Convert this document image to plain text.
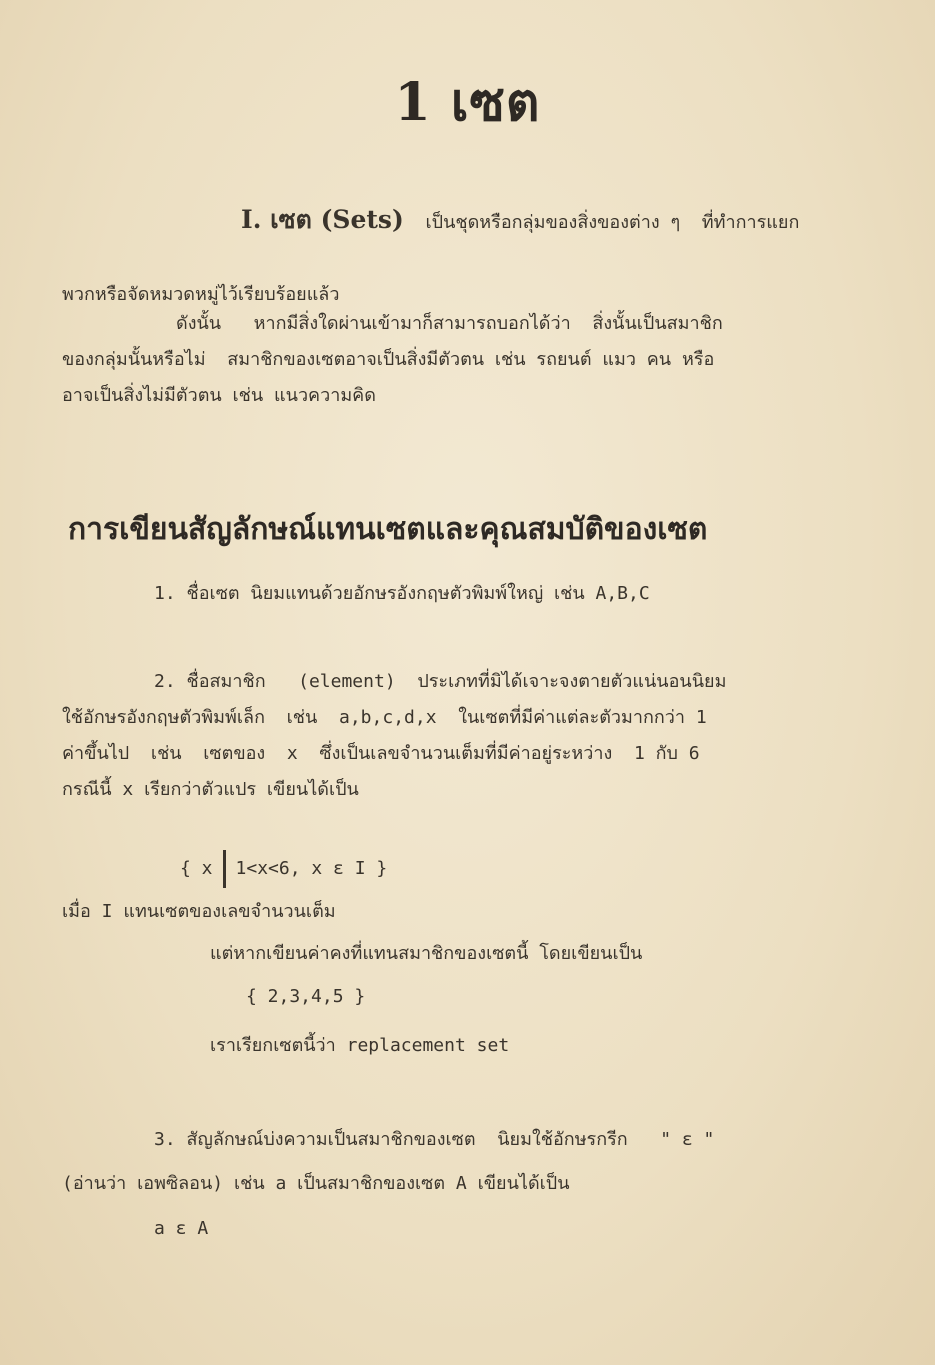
1 เซต

I. เซต (Sets) เป็นชุดหรือกลุ่มของสิ่งของต่าง ๆ  ที่ทำการแยก

พวกหรือจัดหมวดหมู่ไว้เรียบร้อยแล้ว
ดังนั้น   หากมีสิ่งใดผ่านเข้ามาก็สามารถบอกได้ว่า  สิ่งนั้นเป็นสมาชิก
ของกลุ่มนั้นหรือไม่  สมาชิกของเซตอาจเป็นสิ่งมีตัวตน เช่น รถยนต์ แมว คน หรือ
อาจเป็นสิ่งไม่มีตัวตน เช่น แนวความคิด
การเขียนสัญลักษณ์แทนเซตและคุณสมบัติของเซต
1. ชื่อเซต นิยมแทนด้วยอักษรอังกฤษตัวพิมพ์ใหญ่ เช่น A,B,C
2. ชื่อสมาชิก   (element)  ประเภทที่มิได้เจาะจงตายตัวแน่นอนนิยม
ใช้อักษรอังกฤษตัวพิมพ์เล็ก  เช่น  a,b,c,d,x  ในเซตที่มีค่าแต่ละตัวมากกว่า 1
ค่าขึ้นไป  เช่น  เซตของ  x  ซึ่งเป็นเลขจำนวนเต็มที่มีค่าอยู่ระหว่าง  1 กับ 6
กรณีนี้ x เรียกว่าตัวแปร เขียนได้เป็น
{ x 1<x<6, x ε I }
เมื่อ I แทนเซตของเลขจำนวนเต็ม
แต่หากเขียนค่าคงที่แทนสมาชิกของเซตนี้ โดยเขียนเป็น
{ 2,3,4,5 }
เราเรียกเซตนี้ว่า replacement set
3. สัญลักษณ์บ่งความเป็นสมาชิกของเซต  นิยมใช้อักษรกรีก   " ε "
(อ่านว่า เอพซิลอน) เช่น a เป็นสมาชิกของเซต A เขียนได้เป็น
a ε A
